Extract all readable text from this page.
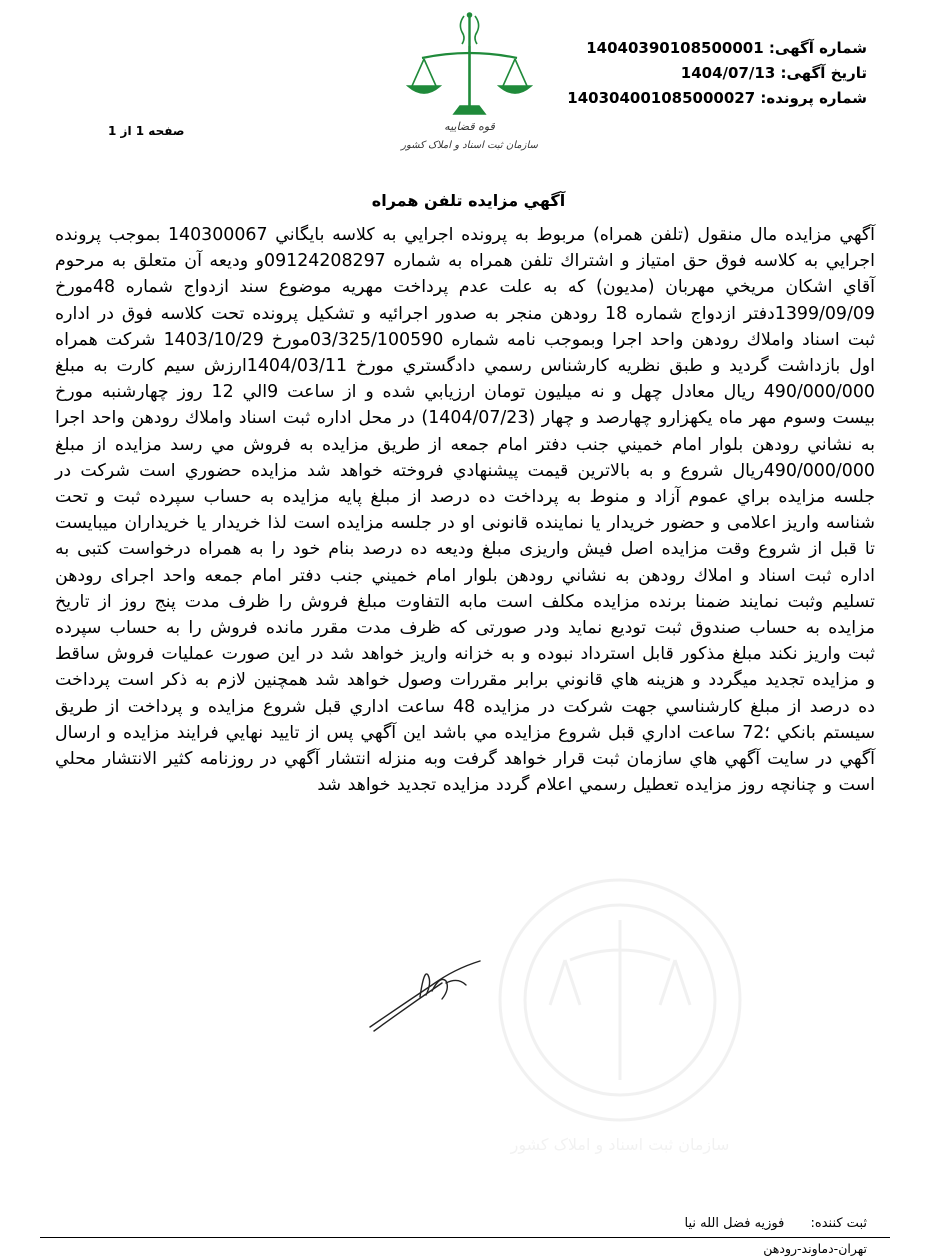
شماره آگهی: 14040390108500001
تاریخ آگهی: 1404/07/13
شماره پرونده: 140304001085000027
قوه قضاییه
سازمان ثبت اسناد و املاک کشور
صفحه 1 از 1
سازمان ثبت اسناد و املاک کشور
آگهي مزايده تلفن همراه

آگهي مزايده مال منقول (تلفن همراه) مربوط به پرونده اجرايي به كلاسه بايگاني 140300067 بموجب پرونده اجرايي به كلاسه فوق حق امتياز و اشتراك تلفن همراه به شماره 09124208297و وديعه آن متعلق به مرحوم آقاي اشكان مريخي مهربان (مديون) كه به علت عدم پرداخت مهريه موضوع سند ازدواج شماره 48مورخ 1399/09/09دفتر ازدواج شماره 18 رودهن منجر به صدور اجرائيه و تشكيل پرونده تحت كلاسه فوق در اداره ثبت اسناد واملاك رودهن واحد اجرا وبموجب نامه شماره 03/325/100590مورخ 1403/10/29 شركت همراه اول بازداشت گرديد و طبق نظريه كارشناس رسمي دادگستري مورخ 1404/03/11ارزش سيم كارت به مبلغ 490/000/000 ريال معادل چهل و نه ميليون تومان ارزيابي شده و از ساعت 9الي 12 روز چهارشنبه مورخ بيست وسوم مهر ماه يكهزارو چهارصد و چهار (1404/07/23) در محل اداره ثبت اسناد واملاك رودهن واحد اجرا به نشاني رودهن بلوار امام خميني جنب دفتر امام جمعه از طريق مزايده به فروش مي رسد مزايده از مبلغ 490/000/000ريال شروع و به بالاترين قيمت پيشنهادي فروخته خواهد شد مزايده حضوري است شركت در جلسه مزايده براي عموم آزاد و منوط به پرداخت ده درصد از مبلغ پايه مزايده به حساب سپرده ثبت و تحت شناسه واريز اعلامی و حضور خريدار يا نماينده قانونی او در جلسه مزايده است لذا خريدار يا خريداران ميبايست تا قبل از شروع وقت مزايده اصل فيش واريزی مبلغ وديعه ده درصد بنام خود را به همراه درخواست كتبی به اداره ثبت اسناد و املاك رودهن به نشاني رودهن بلوار امام خميني جنب دفتر امام جمعه واحد اجرای رودهن تسليم وثبت نمايند ضمنا برنده مزايده مكلف است مابه التفاوت مبلغ فروش را ظرف مدت پنج روز از تاريخ مزايده به حساب صندوق ثبت توديع نمايد ودر صورتی كه ظرف مدت مقرر مانده فروش را به حساب سپرده ثبت واريز نكند مبلغ مذكور قابل استرداد نبوده و به خزانه واريز خواهد شد در اين صورت عمليات فروش ساقط و مزايده تجديد ميگردد و هزينه هاي قانوني برابر مقررات وصول خواهد شد همچنين لازم به ذكر است پرداخت ده درصد از مبلغ كارشناسي جهت شركت در مزايده 48 ساعت اداري قبل شروع مزايده و پرداخت از طريق سيستم بانكي ؛72 ساعت اداري قبل شروع مزايده مي باشد اين آگهي پس از تاييد نهايي فرايند مزايده و ارسال آگهي در سايت آگهي هاي سازمان ثبت قرار خواهد گرفت وبه منزله انتشار آگهي در روزنامه كثير الانتشار محلي است و چنانچه روز مزايده تعطيل رسمي اعلام گردد مزايده تجديد خواهد شد

ثبت كننده: فوزيه فضل الله نيا
تهران-دماوند-رودهن
